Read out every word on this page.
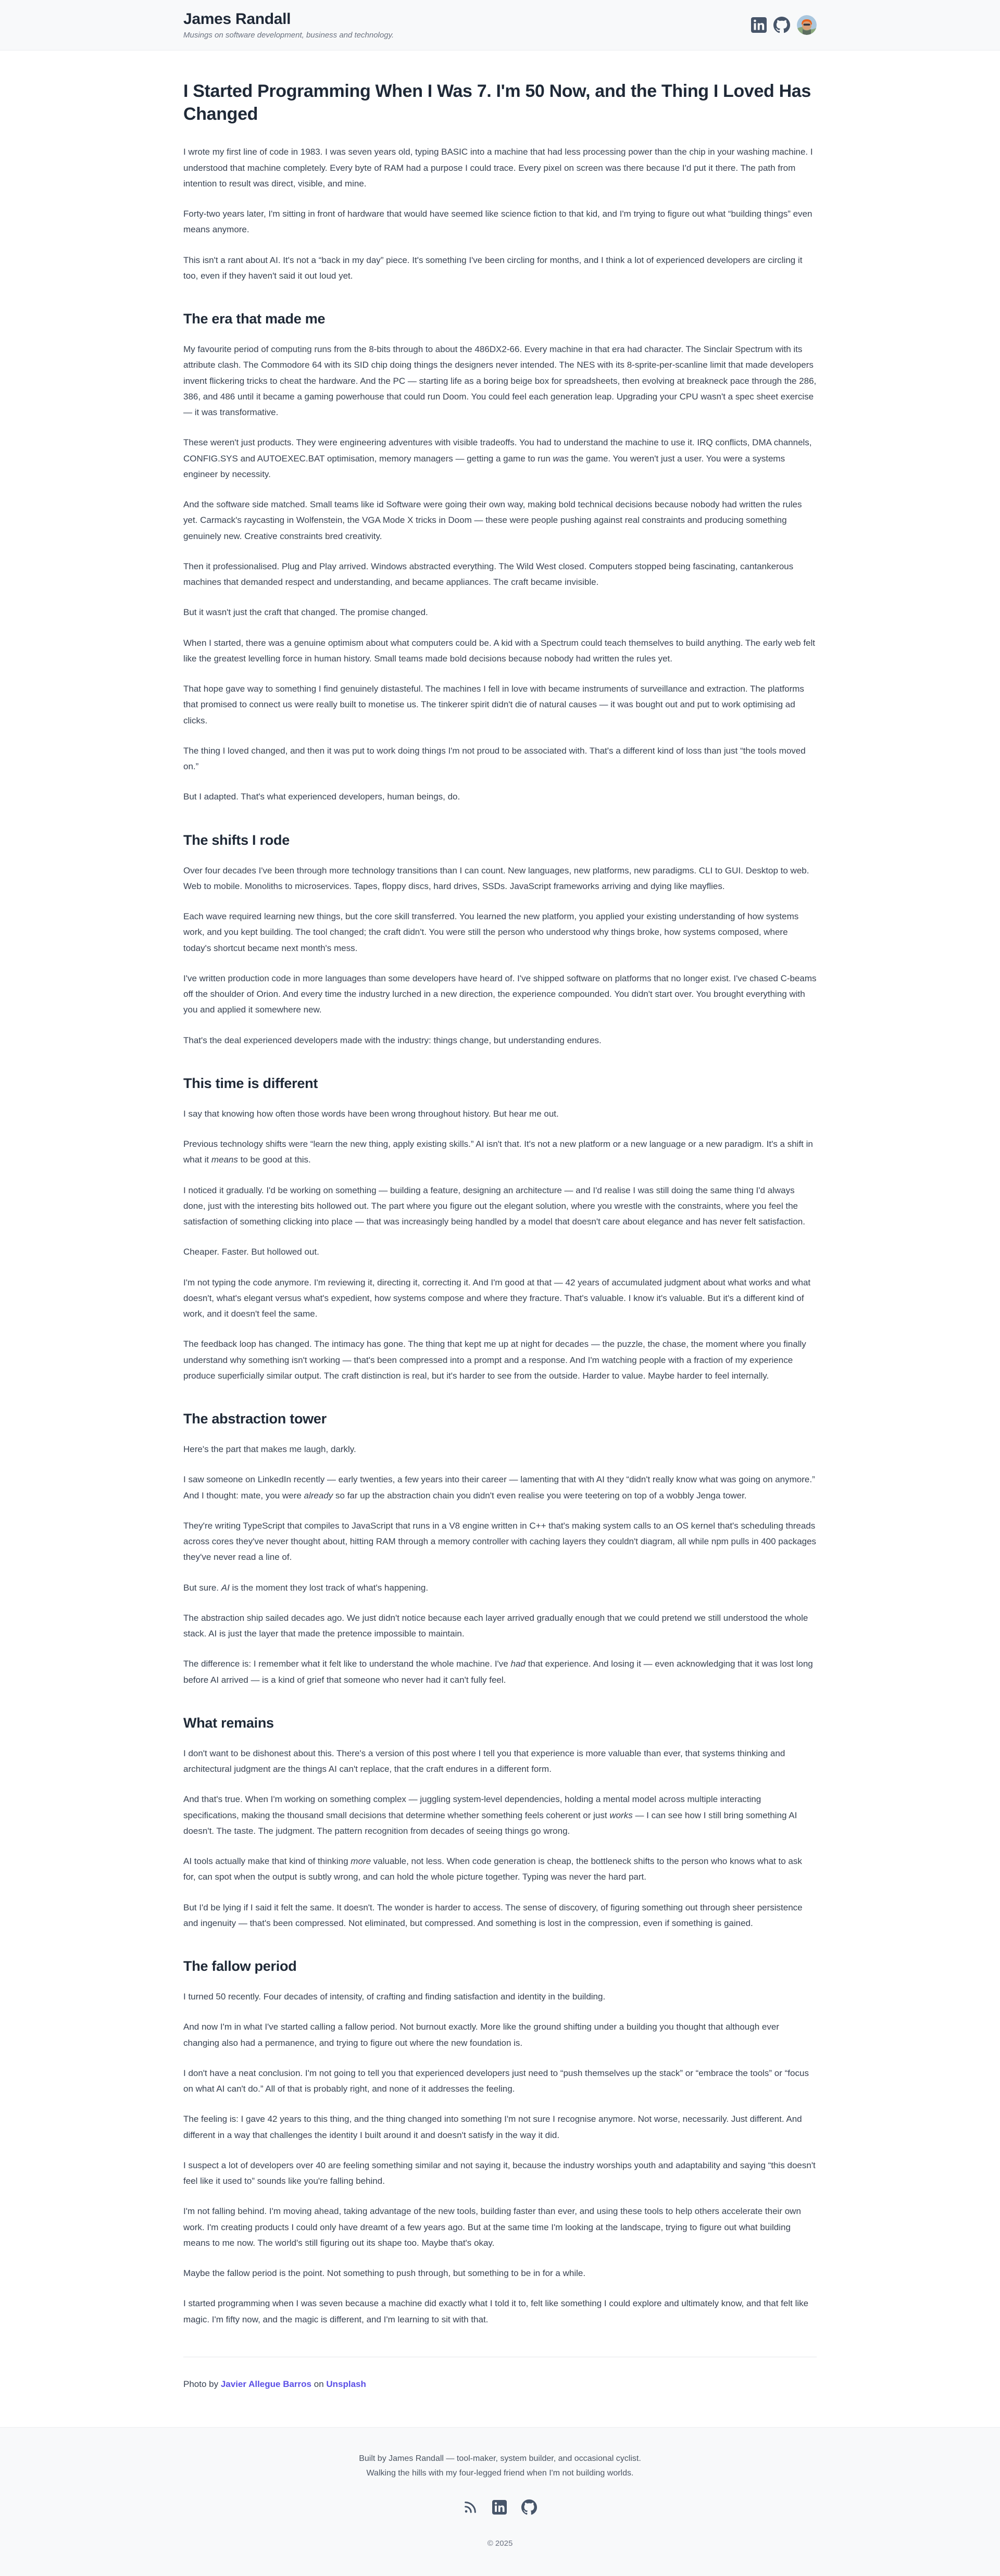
James Randall

Musings on software development, business and technology.

I Started Programming When I Was 7. I'm 50 Now, and the Thing I Loved Has Changed

I wrote my first line of code in 1983. I was seven years old, typing BASIC into a machine that had less processing power than the chip in your washing machine. I understood that machine completely. Every byte of RAM had a purpose I could trace. Every pixel on screen was there because I'd put it there. The path from intention to result was direct, visible, and mine.

Forty-two years later, I'm sitting in front of hardware that would have seemed like science fiction to that kid, and I'm trying to figure out what “building things” even means anymore.

This isn't a rant about AI. It's not a “back in my day” piece. It's something I've been circling for months, and I think a lot of experienced developers are circling it too, even if they haven't said it out loud yet.

The era that made me

My favourite period of computing runs from the 8-bits through to about the 486DX2-66. Every machine in that era had character. The Sinclair Spectrum with its attribute clash. The Commodore 64 with its SID chip doing things the designers never intended. The NES with its 8-sprite-per-scanline limit that made developers invent flickering tricks to cheat the hardware. And the PC — starting life as a boring beige box for spreadsheets, then evolving at breakneck pace through the 286, 386, and 486 until it became a gaming powerhouse that could run Doom. You could feel each generation leap. Upgrading your CPU wasn't a spec sheet exercise — it was transformative.

These weren't just products. They were engineering adventures with visible tradeoffs. You had to understand the machine to use it. IRQ conflicts, DMA channels, CONFIG.SYS and AUTOEXEC.BAT optimisation, memory managers — getting a game to run was the game. You weren't just a user. You were a systems engineer by necessity.

And the software side matched. Small teams like id Software were going their own way, making bold technical decisions because nobody had written the rules yet. Carmack's raycasting in Wolfenstein, the VGA Mode X tricks in Doom — these were people pushing against real constraints and producing something genuinely new. Creative constraints bred creativity.

Then it professionalised. Plug and Play arrived. Windows abstracted everything. The Wild West closed. Computers stopped being fascinating, cantankerous machines that demanded respect and understanding, and became appliances. The craft became invisible.

But it wasn't just the craft that changed. The promise changed.

When I started, there was a genuine optimism about what computers could be. A kid with a Spectrum could teach themselves to build anything. The early web felt like the greatest levelling force in human history. Small teams made bold decisions because nobody had written the rules yet.

That hope gave way to something I find genuinely distasteful. The machines I fell in love with became instruments of surveillance and extraction. The platforms that promised to connect us were really built to monetise us. The tinkerer spirit didn't die of natural causes — it was bought out and put to work optimising ad clicks.

The thing I loved changed, and then it was put to work doing things I'm not proud to be associated with. That's a different kind of loss than just “the tools moved on.”

But I adapted. That's what experienced developers, human beings, do.

The shifts I rode

Over four decades I've been through more technology transitions than I can count. New languages, new platforms, new paradigms. CLI to GUI. Desktop to web. Web to mobile. Monoliths to microservices. Tapes, floppy discs, hard drives, SSDs. JavaScript frameworks arriving and dying like mayflies.

Each wave required learning new things, but the core skill transferred. You learned the new platform, you applied your existing understanding of how systems work, and you kept building. The tool changed; the craft didn't. You were still the person who understood why things broke, how systems composed, where today's shortcut became next month's mess.

I've written production code in more languages than some developers have heard of. I've shipped software on platforms that no longer exist. I've chased C-beams off the shoulder of Orion. And every time the industry lurched in a new direction, the experience compounded. You didn't start over. You brought everything with you and applied it somewhere new.

That's the deal experienced developers made with the industry: things change, but understanding endures.

This time is different

I say that knowing how often those words have been wrong throughout history. But hear me out.

Previous technology shifts were “learn the new thing, apply existing skills.” AI isn't that. It's not a new platform or a new language or a new paradigm. It's a shift in what it means to be good at this.

I noticed it gradually. I'd be working on something — building a feature, designing an architecture — and I'd realise I was still doing the same thing I'd always done, just with the interesting bits hollowed out. The part where you figure out the elegant solution, where you wrestle with the constraints, where you feel the satisfaction of something clicking into place — that was increasingly being handled by a model that doesn't care about elegance and has never felt satisfaction.

Cheaper. Faster. But hollowed out.

I'm not typing the code anymore. I'm reviewing it, directing it, correcting it. And I'm good at that — 42 years of accumulated judgment about what works and what doesn't, what's elegant versus what's expedient, how systems compose and where they fracture. That's valuable. I know it's valuable. But it's a different kind of work, and it doesn't feel the same.

The feedback loop has changed. The intimacy has gone. The thing that kept me up at night for decades — the puzzle, the chase, the moment where you finally understand why something isn't working — that's been compressed into a prompt and a response. And I'm watching people with a fraction of my experience produce superficially similar output. The craft distinction is real, but it's harder to see from the outside. Harder to value. Maybe harder to feel internally.

The abstraction tower

Here's the part that makes me laugh, darkly.

I saw someone on LinkedIn recently — early twenties, a few years into their career — lamenting that with AI they “didn't really know what was going on anymore.” And I thought: mate, you were already so far up the abstraction chain you didn't even realise you were teetering on top of a wobbly Jenga tower.

They're writing TypeScript that compiles to JavaScript that runs in a V8 engine written in C++ that's making system calls to an OS kernel that's scheduling threads across cores they've never thought about, hitting RAM through a memory controller with caching layers they couldn't diagram, all while npm pulls in 400 packages they've never read a line of.

But sure. AI is the moment they lost track of what's happening.

The abstraction ship sailed decades ago. We just didn't notice because each layer arrived gradually enough that we could pretend we still understood the whole stack. AI is just the layer that made the pretence impossible to maintain.

The difference is: I remember what it felt like to understand the whole machine. I've had that experience. And losing it — even acknowledging that it was lost long before AI arrived — is a kind of grief that someone who never had it can't fully feel.

What remains

I don't want to be dishonest about this. There's a version of this post where I tell you that experience is more valuable than ever, that systems thinking and architectural judgment are the things AI can't replace, that the craft endures in a different form.

And that's true. When I'm working on something complex — juggling system-level dependencies, holding a mental model across multiple interacting specifications, making the thousand small decisions that determine whether something feels coherent or just works — I can see how I still bring something AI doesn't. The taste. The judgment. The pattern recognition from decades of seeing things go wrong.

AI tools actually make that kind of thinking more valuable, not less. When code generation is cheap, the bottleneck shifts to the person who knows what to ask for, can spot when the output is subtly wrong, and can hold the whole picture together. Typing was never the hard part.

But I'd be lying if I said it felt the same. It doesn't. The wonder is harder to access. The sense of discovery, of figuring something out through sheer persistence and ingenuity — that's been compressed. Not eliminated, but compressed. And something is lost in the compression, even if something is gained.

The fallow period

I turned 50 recently. Four decades of intensity, of crafting and finding satisfaction and identity in the building.

And now I'm in what I've started calling a fallow period. Not burnout exactly. More like the ground shifting under a building you thought that although ever changing also had a permanence, and trying to figure out where the new foundation is.

I don't have a neat conclusion. I'm not going to tell you that experienced developers just need to “push themselves up the stack” or “embrace the tools” or “focus on what AI can't do.” All of that is probably right, and none of it addresses the feeling.

The feeling is: I gave 42 years to this thing, and the thing changed into something I'm not sure I recognise anymore. Not worse, necessarily. Just different. And different in a way that challenges the identity I built around it and doesn't satisfy in the way it did.

I suspect a lot of developers over 40 are feeling something similar and not saying it, because the industry worships youth and adaptability and saying “this doesn't feel like it used to” sounds like you're falling behind.

I'm not falling behind. I'm moving ahead, taking advantage of the new tools, building faster than ever, and using these tools to help others accelerate their own work. I'm creating products I could only have dreamt of a few years ago. But at the same time I'm looking at the landscape, trying to figure out what building means to me now. The world's still figuring out its shape too. Maybe that's okay.

Maybe the fallow period is the point. Not something to push through, but something to be in for a while.

I started programming when I was seven because a machine did exactly what I told it to, felt like something I could explore and ultimately know, and that felt like magic. I'm fifty now, and the magic is different, and I'm learning to sit with that.

Photo by Javier Allegue Barros on Unsplash

Built by James Randall — tool-maker, system builder, and occasional cyclist.

Walking the hills with my four-legged friend when I'm not building worlds.

© 2025
